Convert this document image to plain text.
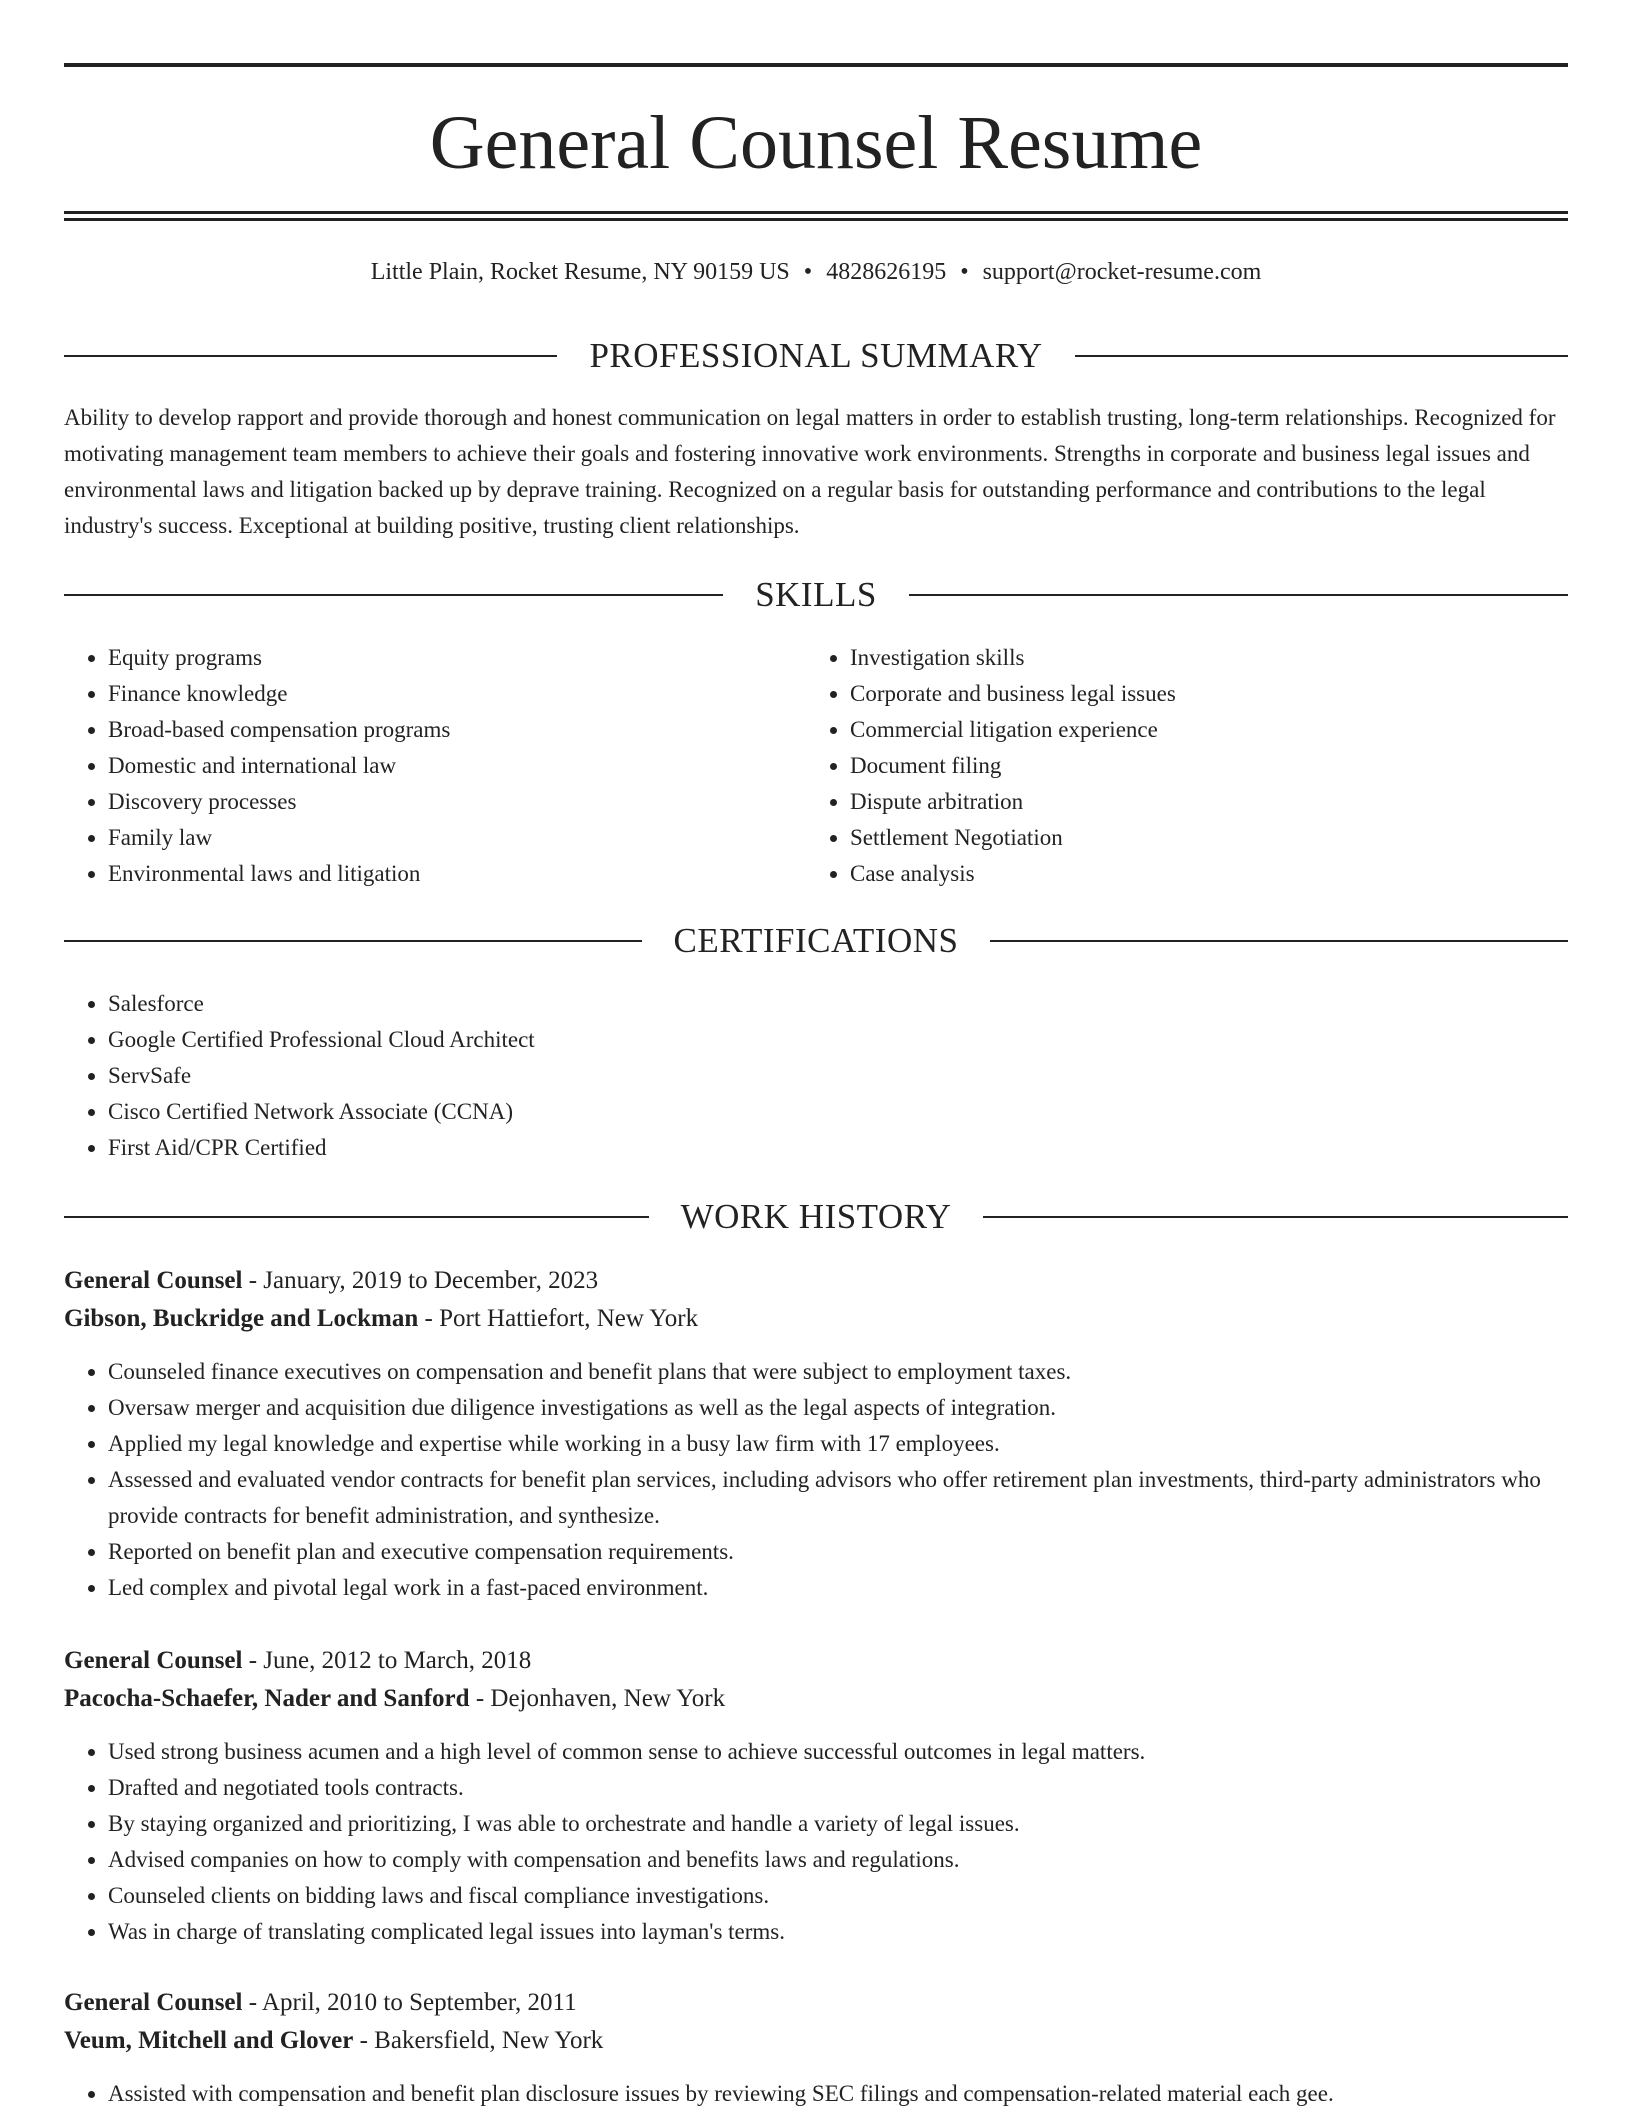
General Counsel Resume
Little Plain, Rocket Resume, NY 90159 US • 4828626195 • support@rocket-resume.com
PROFESSIONAL SUMMARY

Ability to develop rapport and provide thorough and honest communication on legal matters in order to establish trusting, long-term relationships. Recognized for motivating management team members to achieve their goals and fostering innovative work environments. Strengths in corporate and business legal issues and environmental laws and litigation backed up by deprave training. Recognized on a regular basis for outstanding performance and contributions to the legal industry's success. Exceptional at building positive, trusting client relationships.

SKILLS
• Equity programs
• Finance knowledge
• Broad-based compensation programs
• Domestic and international law
• Discovery processes
• Family law
• Environmental laws and litigation
• Investigation skills
• Corporate and business legal issues
• Commercial litigation experience
• Document filing
• Dispute arbitration
• Settlement Negotiation
• Case analysis
CERTIFICATIONS
• Salesforce
• Google Certified Professional Cloud Architect
• ServSafe
• Cisco Certified Network Associate (CCNA)
• First Aid/CPR Certified
WORK HISTORY

General Counsel - January, 2019 to December, 2023

Gibson, Buckridge and Lockman - Port Hattiefort, New York

• Counseled finance executives on compensation and benefit plans that were subject to employment taxes.
• Oversaw merger and acquisition due diligence investigations as well as the legal aspects of integration.
• Applied my legal knowledge and expertise while working in a busy law firm with 17 employees.
• Assessed and evaluated vendor contracts for benefit plan services, including advisors who offer retirement plan investments, third-party administrators who provide contracts for benefit administration, and synthesize.
• Reported on benefit plan and executive compensation requirements.
• Led complex and pivotal legal work in a fast-paced environment.

General Counsel - June, 2012 to March, 2018

Pacocha-Schaefer, Nader and Sanford - Dejonhaven, New York

• Used strong business acumen and a high level of common sense to achieve successful outcomes in legal matters.
• Drafted and negotiated tools contracts.
• By staying organized and prioritizing, I was able to orchestrate and handle a variety of legal issues.
• Advised companies on how to comply with compensation and benefits laws and regulations.
• Counseled clients on bidding laws and fiscal compliance investigations.
• Was in charge of translating complicated legal issues into layman's terms.

General Counsel - April, 2010 to September, 2011

Veum, Mitchell and Glover - Bakersfield, New York

• Assisted with compensation and benefit plan disclosure issues by reviewing SEC filings and compensation-related material each gee.
